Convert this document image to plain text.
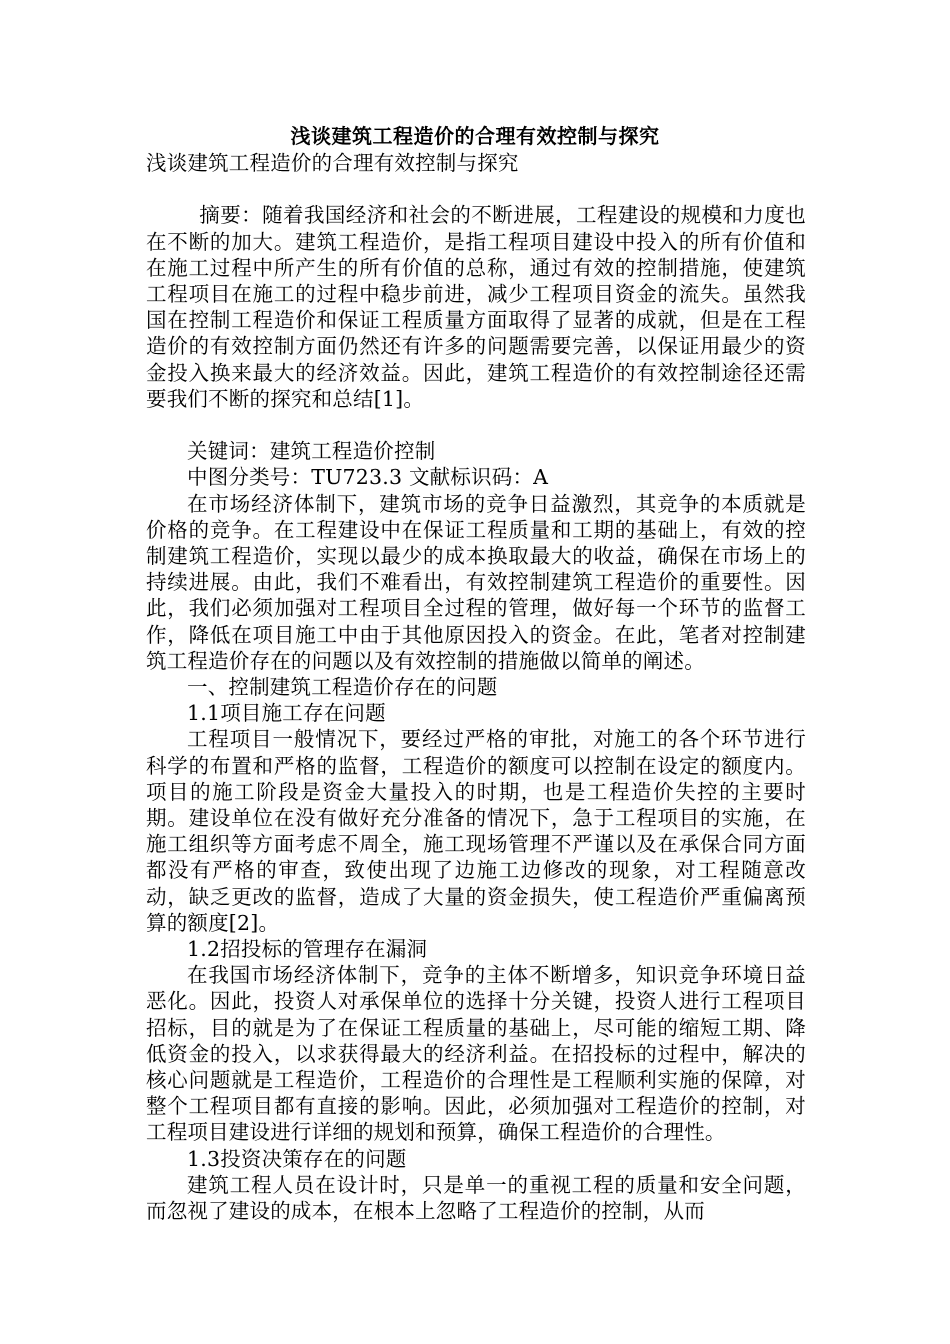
浅谈建筑工程造价的合理有效控制与探究

浅谈建筑工程造价的合理有效控制与探究

摘要：随着我国经济和社会的不断进展，工程建设的规模和力度也在不断的加大。建筑工程造价，是指工程项目建设中投入的所有价值和在施工过程中所产生的所有价值的总称，通过有效的控制措施，使建筑工程项目在施工的过程中稳步前进，减少工程项目资金的流失。虽然我国在控制工程造价和保证工程质量方面取得了显著的成就，但是在工程造价的有效控制方面仍然还有许多的问题需要完善，以保证用最少的资金投入换来最大的经济效益。因此，建筑工程造价的有效控制途径还需要我们不断的探究和总结[1]。

关键词：建筑工程造价控制

中图分类号：TU723.3 文献标识码：A

在市场经济体制下，建筑市场的竞争日益激烈，其竞争的本质就是价格的竞争。在工程建设中在保证工程质量和工期的基础上，有效的控制建筑工程造价，实现以最少的成本换取最大的收益，确保在市场上的持续进展。由此，我们不难看出，有效控制建筑工程造价的重要性。因此，我们必须加强对工程项目全过程的管理，做好每一个环节的监督工作，降低在项目施工中由于其他原因投入的资金。在此，笔者对控制建筑工程造价存在的问题以及有效控制的措施做以简单的阐述。

一、控制建筑工程造价存在的问题

1.1项目施工存在问题

工程项目一般情况下，要经过严格的审批，对施工的各个环节进行科学的布置和严格的监督，工程造价的额度可以控制在设定的额度内。项目的施工阶段是资金大量投入的时期，也是工程造价失控的主要时期。建设单位在没有做好充分准备的情况下，急于工程项目的实施，在施工组织等方面考虑不周全，施工现场管理不严谨以及在承保合同方面都没有严格的审查，致使出现了边施工边修改的现象，对工程随意改动，缺乏更改的监督，造成了大量的资金损失，使工程造价严重偏离预算的额度[2]。

1.2招投标的管理存在漏洞

在我国市场经济体制下，竞争的主体不断增多，知识竞争环境日益恶化。因此，投资人对承保单位的选择十分关键，投资人进行工程项目招标，目的就是为了在保证工程质量的基础上，尽可能的缩短工期、降低资金的投入，以求获得最大的经济利益。在招投标的过程中，解决的核心问题就是工程造价，工程造价的合理性是工程顺利实施的保障，对整个工程项目都有直接的影响。因此，必须加强对工程造价的控制，对工程项目建设进行详细的规划和预算，确保工程造价的合理性。

1.3投资决策存在的问题

建筑工程人员在设计时，只是单一的重视工程的质量和安全问题，而忽视了建设的成本，在根本上忽略了工程造价的控制，从而
